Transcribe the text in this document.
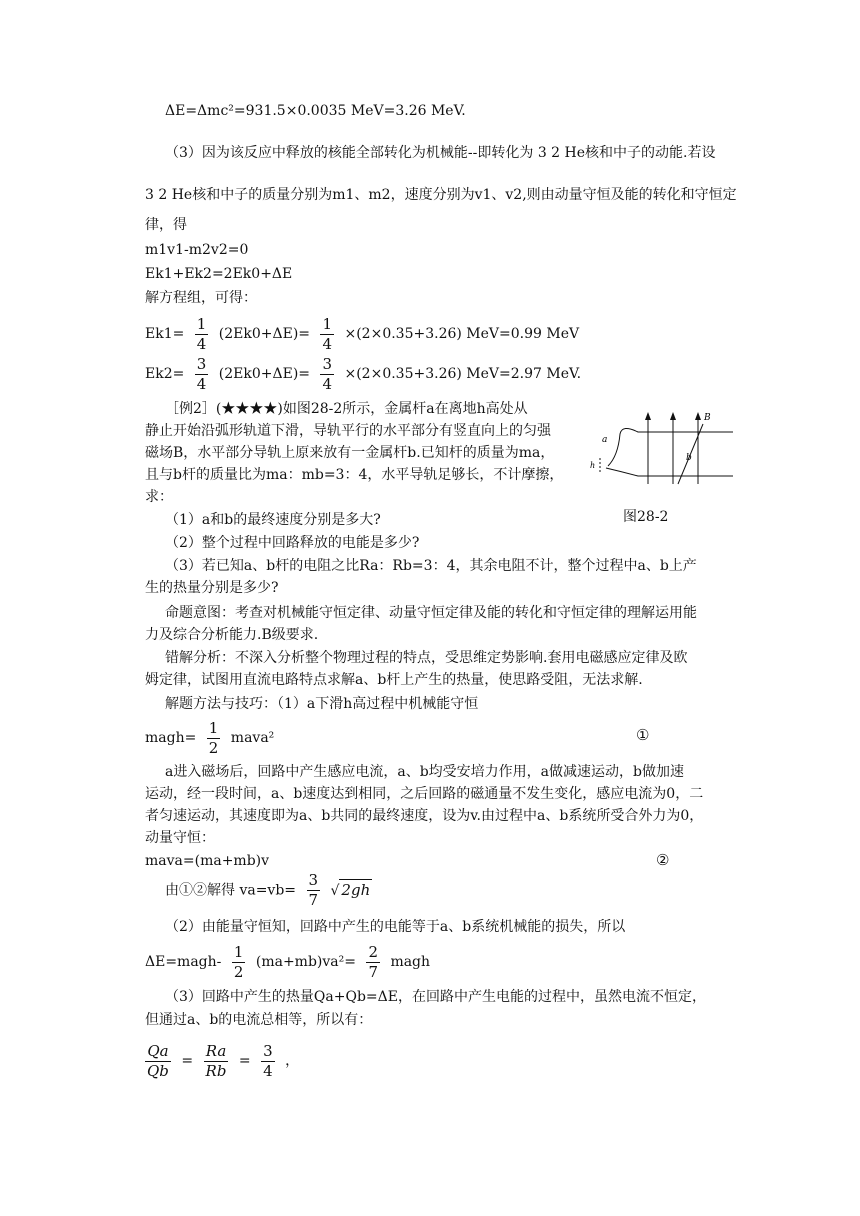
ΔE=Δmc²=931.5×0.0035 MeV=3.26 MeV.
（3）因为该反应中释放的核能全部转化为机械能--即转化为 3 2 He核和中子的动能.若设
3 2 He核和中子的质量分别为m1、m2，速度分别为v1、v2,则由动量守恒及能的转化和守恒定
律，得
m1v1-m2v2=0
Ek1+Ek2=2Ek0+ΔE
解方程组，可得：
$Ek1= \frac{1}{4} (2Ek0+\Delta E)= \frac{1}{4} \times(2\times 0.35+3.26)$ MeV=0.99 MeV
$Ek2= \frac{3}{4} (2Ek0+\Delta E)= \frac{3}{4} \times(2\times 0.35+3.26)$ MeV=2.97 MeV.
［例2］(★★★★)如图28-2所示，金属杆a在离地h高处从
静止开始沿弧形轨道下滑，导轨平行的水平部分有竖直向上的匀强
磁场B，水平部分导轨上原来放有一金属杆b.已知杆的质量为ma，
且与b杆的质量比为ma：mb=3：4，水平导轨足够长，不计摩擦，
求：
a
b
B
h
图28-2
（1）a和b的最终速度分别是多大?
（2）整个过程中回路释放的电能是多少?
（3）若已知a、b杆的电阻之比Ra：Rb=3：4，其余电阻不计，整个过程中a、b上产
生的热量分别是多少?
命题意图：考查对机械能守恒定律、动量守恒定律及能的转化和守恒定律的理解运用能
力及综合分析能力.B级要求.
错解分析：不深入分析整个物理过程的特点，受思维定势影响.套用电磁感应定律及欧
姆定律，试图用直流电路特点求解a、b杆上产生的热量，使思路受阻，无法求解.
解题方法与技巧：（1）a下滑h高过程中机械能守恒
magh= $\frac{1}{2}$ mava²	①
a进入磁场后，回路中产生感应电流，a、b均受安培力作用，a做减速运动，b做加速
运动，经一段时间，a、b速度达到相同，之后回路的磁通量不发生变化，感应电流为0，二
者匀速运动，其速度即为a、b共同的最终速度，设为v.由过程中a、b系统所受合外力为0，
动量守恒：
mava=(ma+mb)v	②
由①②解得 $va=vb= \frac{3}{7}$ √ 2gh
（2）由能量守恒知，回路中产生的电能等于a、b系统机械能的损失，所以
ΔE=magh- $\frac{1}{2} (ma+mb)va^2= \frac{2}{7}$ magh
（3）回路中产生的热量Qa+Qb=ΔE，在回路中产生电能的过程中，虽然电流不恒定，
但通过a、b的电流总相等，所以有：
$\frac{Qa}{Qb} = \frac{Ra}{Rb} = \frac{3}{4}$ ，
